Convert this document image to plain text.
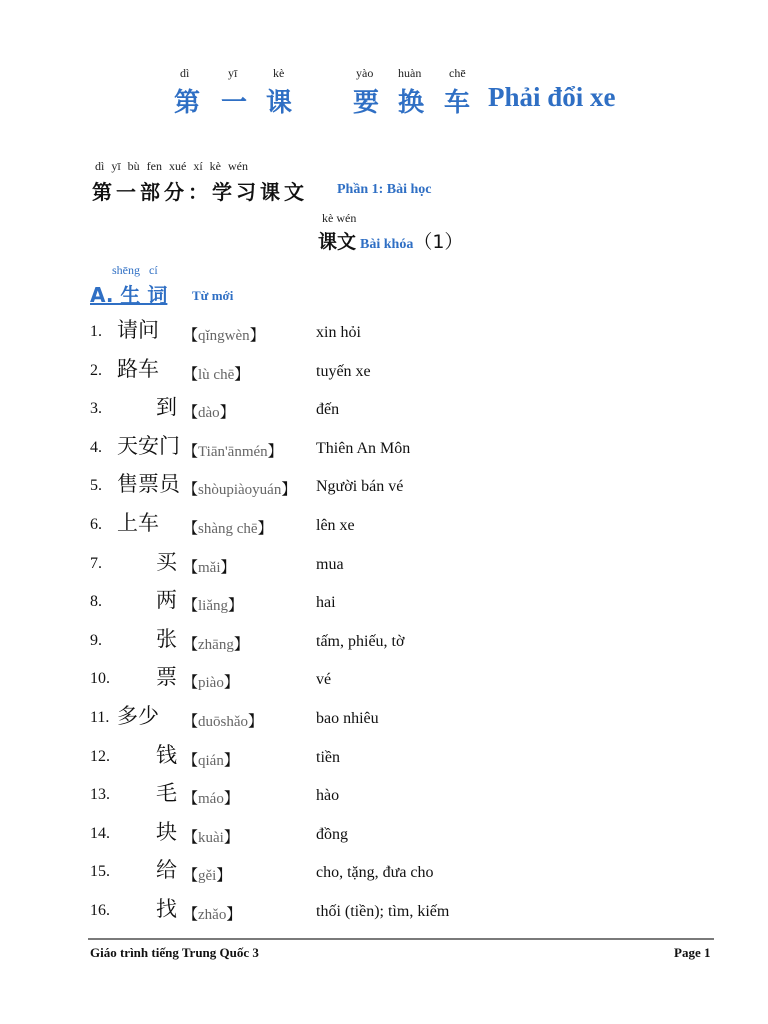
dì	yī	kè	yào huàn chē
第 一 课 要 换 车 Phải đổi xe
dì yī bù fen xué xí kè wén
第一部分：学习课文 Phần 1: Bài học
kè wén
课文 Bài khóa（1）
shēng cí
A. 生 词 Từ mới
1. 请问	【qǐngwèn】	xin hỏi
2. 路车	【lù chē】	tuyến xe
3.	到 【dào】	đến
4. 天安门 【Tiān'ānmén】 Thiên An Môn
5. 售票员 【shòupiàoyuán】 Người bán vé
6. 上车	【shàng chē】	lên xe
7.	买 【mǎi】	mua
8.	两 【liǎng】	hai
9.	张 【zhāng】	tấm, phiếu, tờ
10.	票 【piào】	vé
11. 多少	【duōshǎo】	bao nhiêu
12.	钱 【qián】	tiền
13.	毛 【máo】	hào
14.	块 【kuài】	đồng
15.	给 【gěi】	cho, tặng, đưa cho
16.	找 【zhǎo】	thối (tiền); tìm, kiếm
Giáo trình tiếng Trung Quốc 3	Page 1
